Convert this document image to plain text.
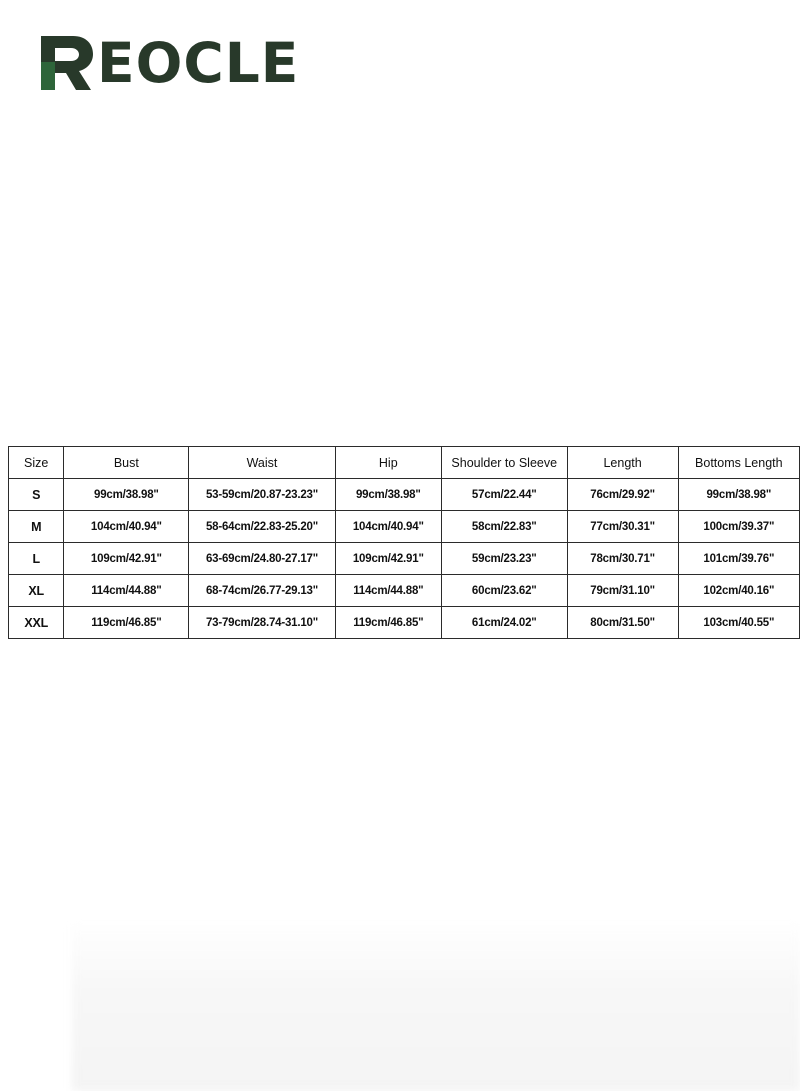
EOCLE
Size	Bust	Waist	Hip	Shoulder to Sleeve	Length	Bottoms Length
S	99cm/38.98"	53-59cm/20.87-23.23"	99cm/38.98"	57cm/22.44"	76cm/29.92"	99cm/38.98"
M	104cm/40.94"	58-64cm/22.83-25.20"	104cm/40.94"	58cm/22.83"	77cm/30.31"	100cm/39.37"
L	109cm/42.91"	63-69cm/24.80-27.17"	109cm/42.91"	59cm/23.23"	78cm/30.71"	101cm/39.76"
XL	114cm/44.88"	68-74cm/26.77-29.13"	114cm/44.88"	60cm/23.62"	79cm/31.10"	102cm/40.16"
XXL	119cm/46.85"	73-79cm/28.74-31.10"	119cm/46.85"	61cm/24.02"	80cm/31.50"	103cm/40.55"
